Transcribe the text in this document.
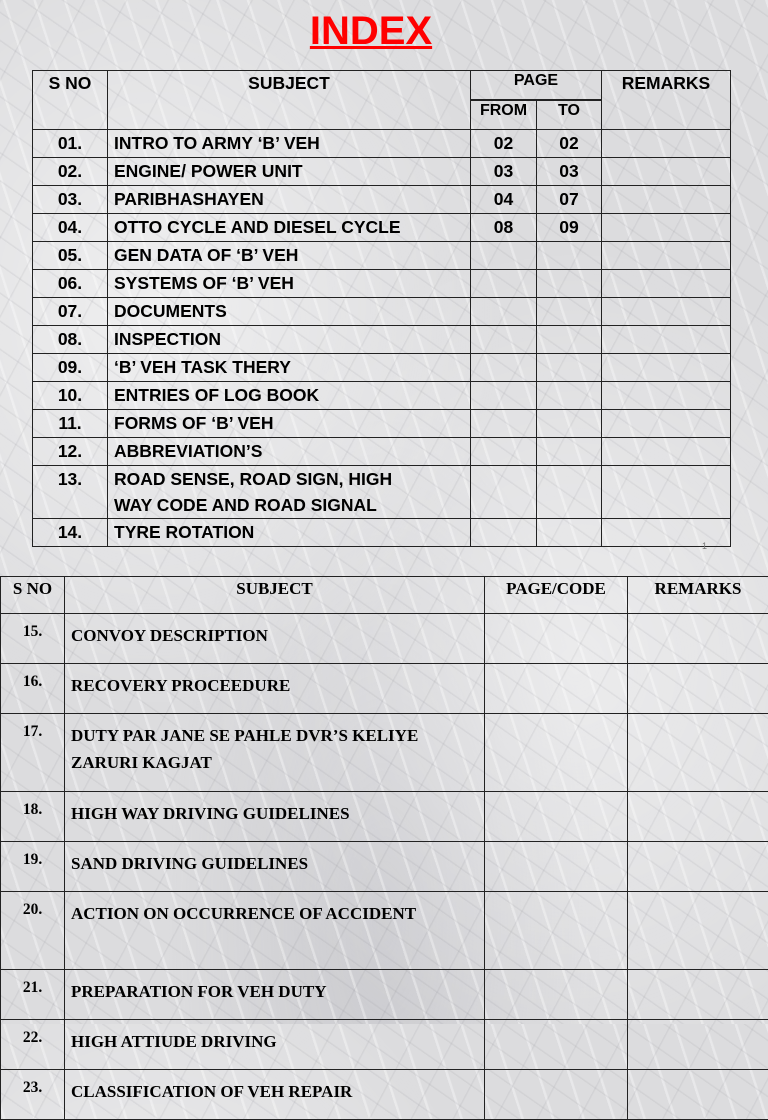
INDEX
S NO	SUBJECT	PAGE		REMARKS
		FROM	TO	
01.	INTRO TO ARMY ‘B’ VEH	02	02	
02.	ENGINE/ POWER UNIT	03	03	
03.	PARIBHASHAYEN	04	07	
04.	OTTO CYCLE AND DIESEL CYCLE	08	09	
05.	GEN DATA OF ‘B’ VEH			
06.	SYSTEMS OF ‘B’ VEH			
07.	DOCUMENTS			
08.	INSPECTION			
09.	‘B’ VEH TASK THERY			
10.	ENTRIES OF LOG BOOK			
11.	FORMS OF ‘B’ VEH			
12.	ABBREVIATION’S			
13.	ROAD SENSE, ROAD SIGN, HIGH
WAY CODE AND ROAD SIGNAL			
14.	TYRE ROTATION			
1
S NO	SUBJECT	PAGE/CODE	REMARKS
15.	CONVOY DESCRIPTION		
16.	RECOVERY PROCEEDURE		
17.	DUTY PAR JANE SE PAHLE DVR’S KELIYE
ZARURI KAGJAT		

18.	HIGH WAY DRIVING GUIDELINES		
19.	SAND DRIVING GUIDELINES		
20.	ACTION ON OCCURRENCE OF ACCIDENT		
21.	PREPARATION FOR VEH DUTY		
22.	HIGH ATTIUDE DRIVING		
23.	CLASSIFICATION OF VEH REPAIR		
